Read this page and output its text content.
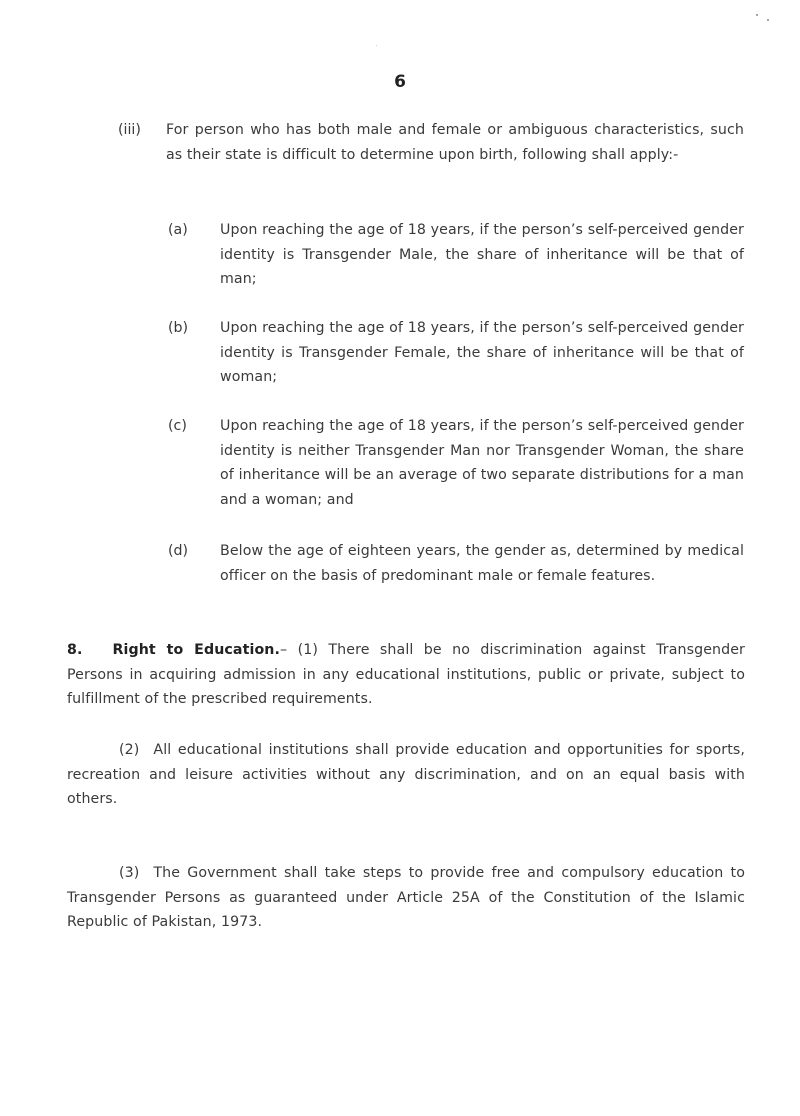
6
(iii) For person who has both male and female or ambiguous characteristics, such as their state is difficult to determine upon birth, following shall apply:-
(a) Upon reaching the age of 18 years, if the person’s self-perceived gender identity is Transgender Male, the share of inheritance will be that of man;
(b) Upon reaching the age of 18 years, if the person’s self-perceived gender identity is Transgender Female, the share of inheritance will be that of woman;
(c) Upon reaching the age of 18 years, if the person’s self-perceived gender identity is neither Transgender Man nor Transgender Woman, the share of inheritance will be an average of two separate distributions for a man and a woman; and
(d) Below the age of eighteen years, the gender as, determined by medical officer on the basis of predominant male or female features.
8. Right to Education.– (1) There shall be no discrimination against Transgender Persons in acquiring admission in any educational institutions, public or private, subject to fulfillment of the prescribed requirements.
(2) All educational institutions shall provide education and opportunities for sports, recreation and leisure activities without any discrimination, and on an equal basis with others.
(3) The Government shall take steps to provide free and compulsory education to Transgender Persons as guaranteed under Article 25A of the Constitution of the Islamic Republic of Pakistan, 1973.
